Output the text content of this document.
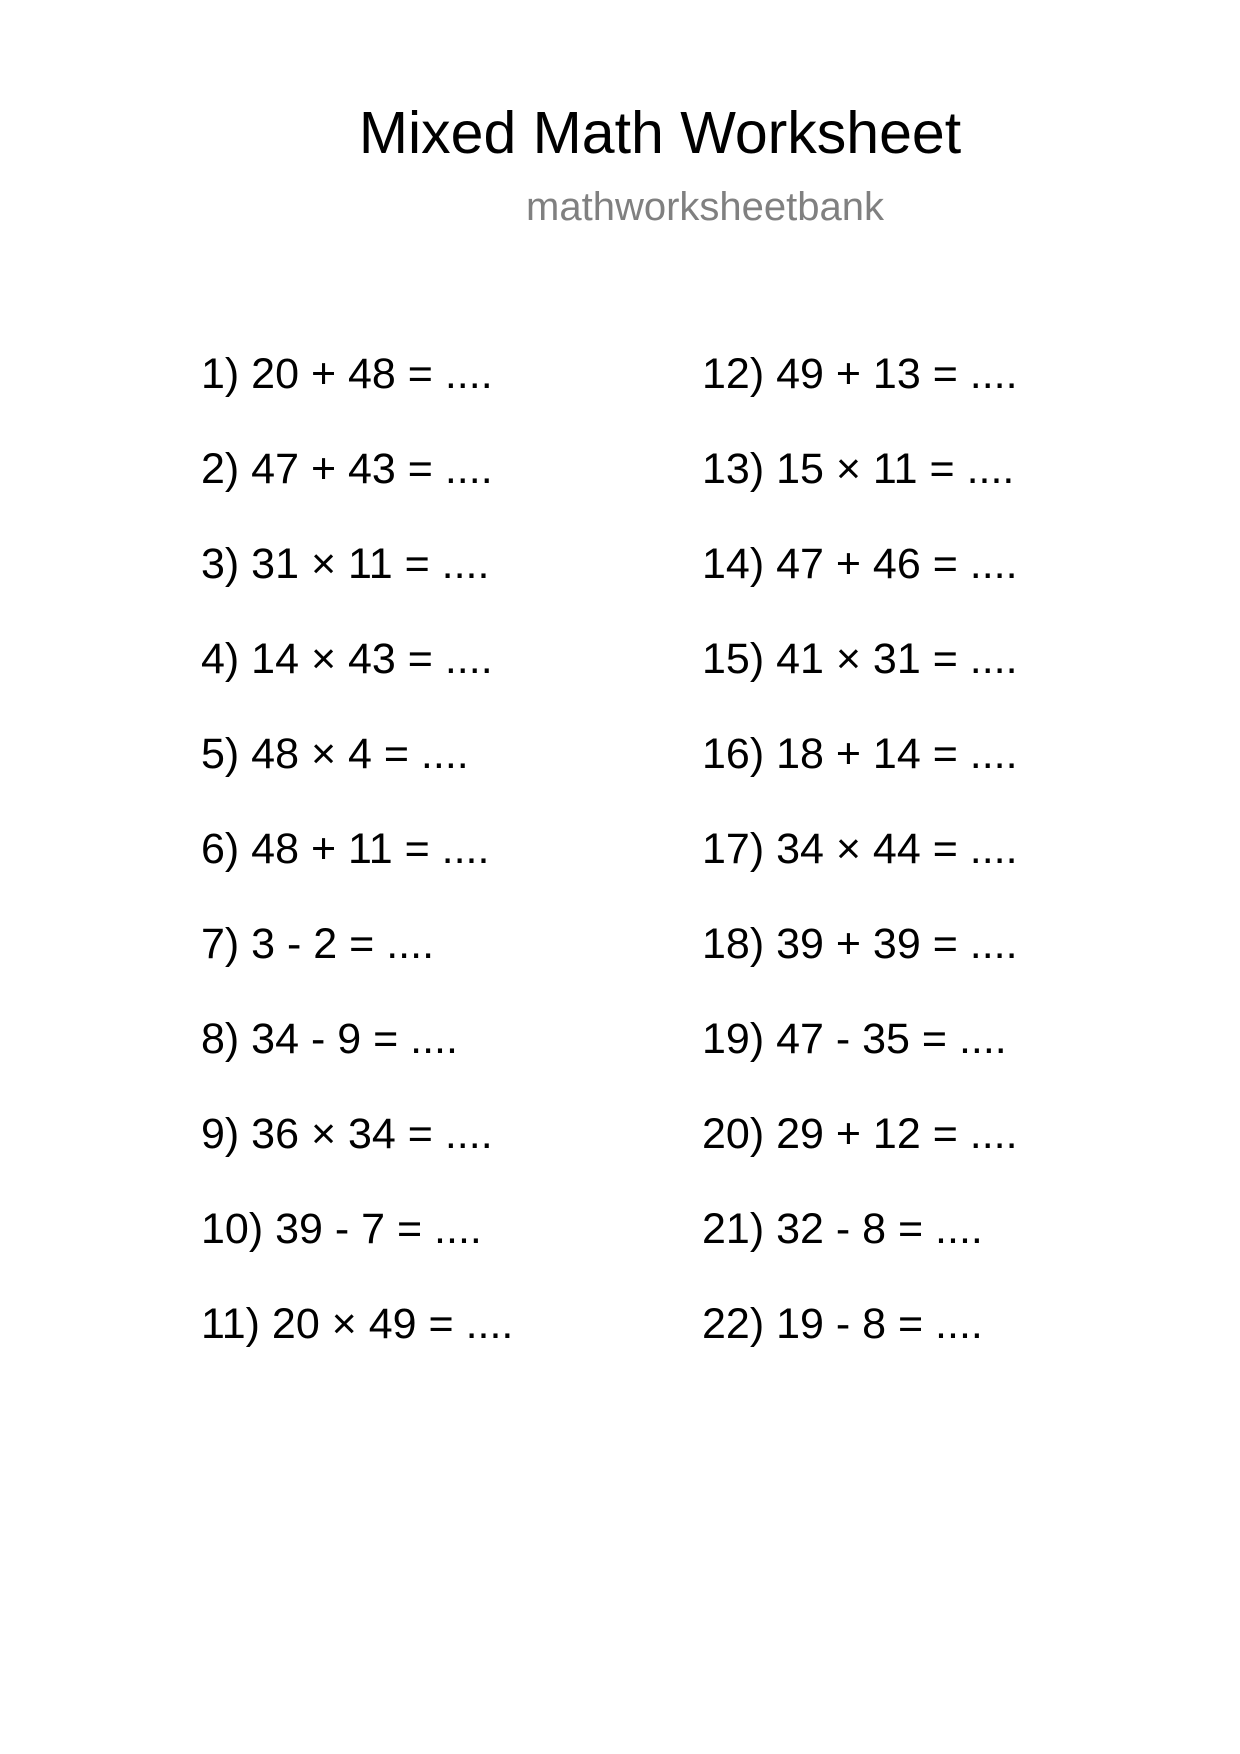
Mixed Math Worksheet
mathworksheetbank
1) 20 + 48 = ....
2) 47 + 43 = ....
3) 31 × 11 = ....
4) 14 × 43 = ....
5) 48 × 4 = ....
6) 48 + 11 = ....
7) 3 - 2 = ....
8) 34 - 9 = ....
9) 36 × 34 = ....
10) 39 - 7 = ....
11) 20 × 49 = ....
12) 49 + 13 = ....
13) 15 × 11 = ....
14) 47 + 46 = ....
15) 41 × 31 = ....
16) 18 + 14 = ....
17) 34 × 44 = ....
18) 39 + 39 = ....
19) 47 - 35 = ....
20) 29 + 12 = ....
21) 32 - 8 = ....
22) 19 - 8 = ....
